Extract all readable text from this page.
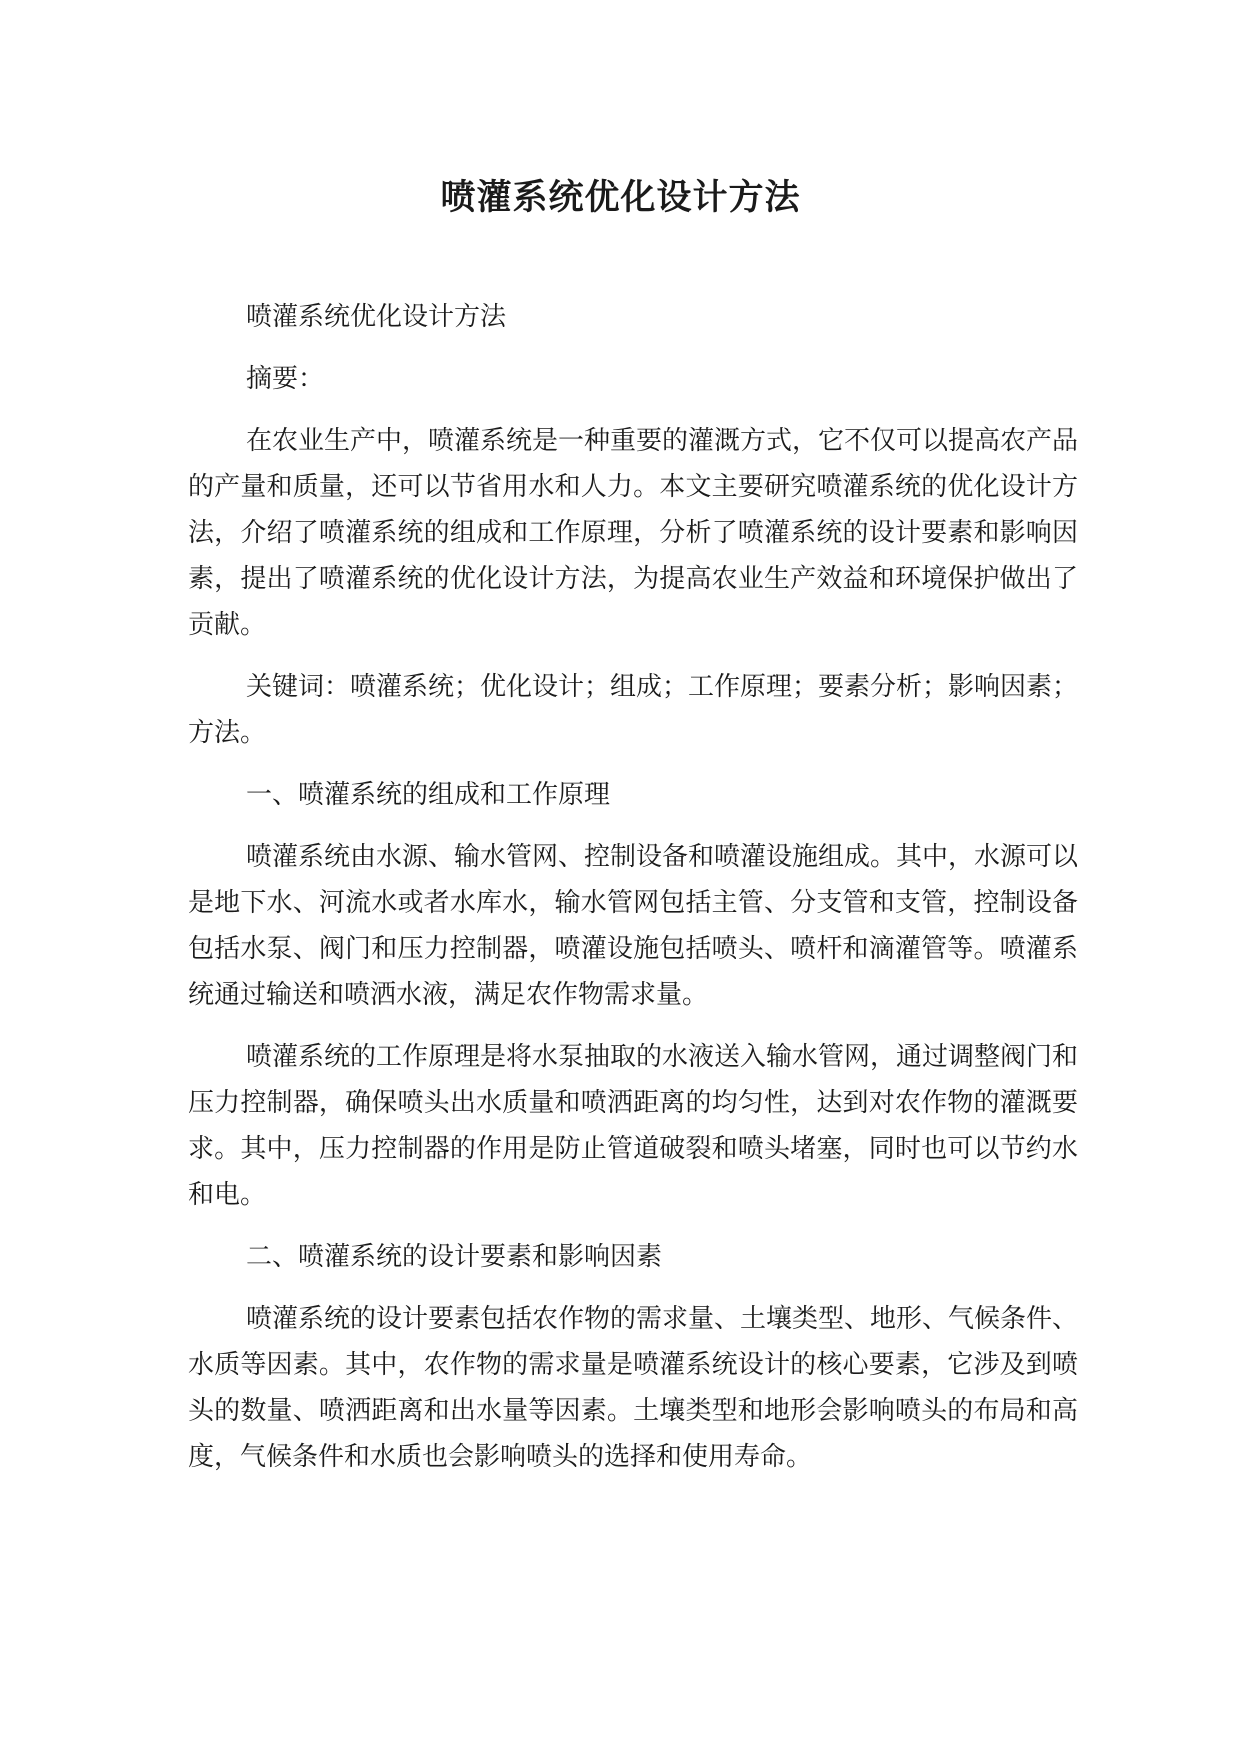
喷灌系统优化设计方法

喷灌系统优化设计方法

摘要：

在农业生产中，喷灌系统是一种重要的灌溉方式，它不仅可以提高农产品的产量和质量，还可以节省用水和人力。本文主要研究喷灌系统的优化设计方法，介绍了喷灌系统的组成和工作原理，分析了喷灌系统的设计要素和影响因素，提出了喷灌系统的优化设计方法，为提高农业生产效益和环境保护做出了贡献。

关键词：喷灌系统；优化设计；组成；工作原理；要素分析；影响因素；方法。

一、喷灌系统的组成和工作原理

喷灌系统由水源、输水管网、控制设备和喷灌设施组成。其中，水源可以是地下水、河流水或者水库水，输水管网包括主管、分支管和支管，控制设备包括水泵、阀门和压力控制器，喷灌设施包括喷头、喷杆和滴灌管等。喷灌系统通过输送和喷洒水液，满足农作物需求量。

喷灌系统的工作原理是将水泵抽取的水液送入输水管网，通过调整阀门和压力控制器，确保喷头出水质量和喷洒距离的均匀性，达到对农作物的灌溉要求。其中，压力控制器的作用是防止管道破裂和喷头堵塞，同时也可以节约水和电。

二、喷灌系统的设计要素和影响因素

喷灌系统的设计要素包括农作物的需求量、土壤类型、地形、气候条件、水质等因素。其中，农作物的需求量是喷灌系统设计的核心要素，它涉及到喷头的数量、喷洒距离和出水量等因素。土壤类型和地形会影响喷头的布局和高度，气候条件和水质也会影响喷头的选择和使用寿命。
